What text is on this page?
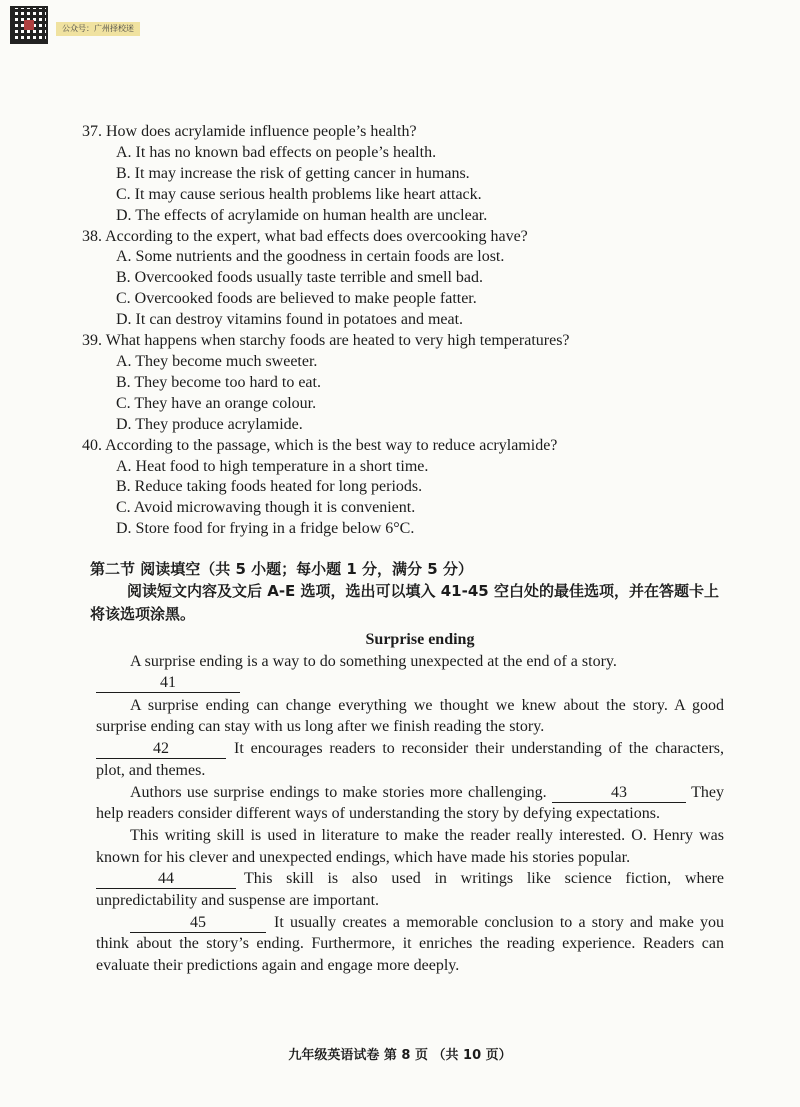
公众号：广州择校迷
37. How does acrylamide influence people’s health?
A. It has no known bad effects on people’s health.
B. It may increase the risk of getting cancer in humans.
C. It may cause serious health problems like heart attack.
D. The effects of acrylamide on human health are unclear.
38. According to the expert, what bad effects does overcooking have?
A. Some nutrients and the goodness in certain foods are lost.
B. Overcooked foods usually taste terrible and smell bad.
C. Overcooked foods are believed to make people fatter.
D. It can destroy vitamins found in potatoes and meat.
39. What happens when starchy foods are heated to very high temperatures?
A. They become much sweeter.
B. They become too hard to eat.
C. They have an orange colour.
D. They produce acrylamide.
40. According to the passage, which is the best way to reduce acrylamide?
A. Heat food to high temperature in a short time.
B. Reduce taking foods heated for long periods.
C. Avoid microwaving though it is convenient.
D. Store food for frying in a fridge below 6°C.
第二节 阅读填空（共 5 小题；每小题 1 分，满分 5 分）
阅读短文内容及文后 A-E 选项，选出可以填入 41-45 空白处的最佳选项，并在答题卡上将该选项涂黑。
Surprise ending
A surprise ending is a way to do something unexpected at the end of a story.
41
A surprise ending can change everything we thought we knew about the story. A good surprise ending can stay with us long after we finish reading the story.
42	It encourages readers to reconsider their understanding of the characters, plot, and themes.
Authors use surprise endings to make stories more challenging.	43	They help readers consider different ways of understanding the story by defying expectations.
This writing skill is used in literature to make the reader really interested. O. Henry was known for his clever and unexpected endings, which have made his stories popular.
44	This skill is also used in writings like science fiction, where unpredictability and suspense are important.
45	It usually creates a memorable conclusion to a story and make you think about the story’s ending. Furthermore, it enriches the reading experience. Readers can evaluate their predictions again and engage more deeply.
九年级英语试卷 第 8 页 （共 10 页）
